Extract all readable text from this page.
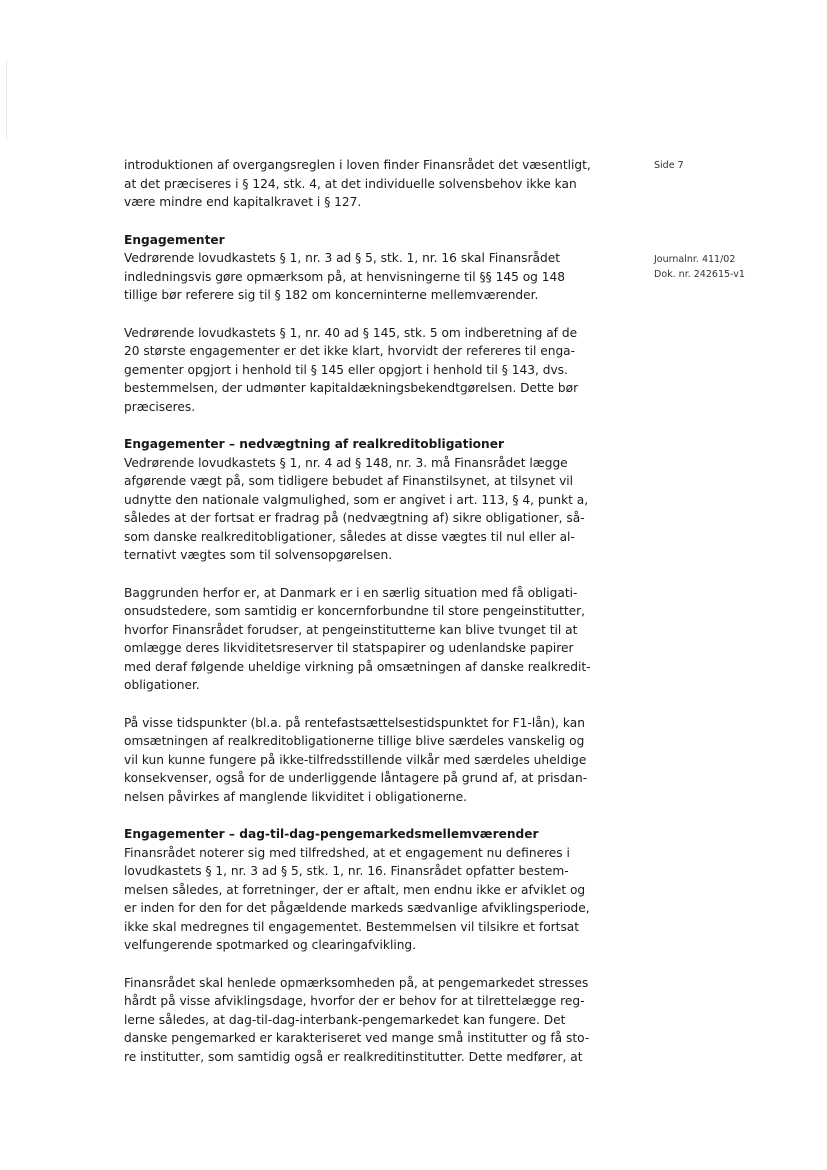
Side 7
Journalnr. 411/02
Dok. nr. 242615-v1
introduktionen af overgangsreglen i loven finder Finansrådet det væsentligt,
at det præciseres i § 124, stk. 4, at det individuelle solvensbehov ikke kan
være mindre end kapitalkravet i § 127.
Engagementer
Vedrørende lovudkastets § 1, nr. 3 ad § 5, stk. 1, nr. 16 skal Finansrådet
indledningsvis gøre opmærksom på, at henvisningerne til §§ 145 og 148
tillige bør referere sig til § 182 om koncerninterne mellemværender.
Vedrørende lovudkastets § 1, nr. 40 ad § 145, stk. 5 om indberetning af de
20 største engagementer er det ikke klart, hvorvidt der refereres til enga-
gementer opgjort i henhold til § 145 eller opgjort i henhold til § 143, dvs.
bestemmelsen, der udmønter kapitaldækningsbekendtgørelsen. Dette bør
præciseres.
Engagementer – nedvægtning af realkreditobligationer
Vedrørende lovudkastets § 1, nr. 4 ad § 148, nr. 3. må Finansrådet lægge
afgørende vægt på, som tidligere bebudet af Finanstilsynet, at tilsynet vil
udnytte den nationale valgmulighed, som er angivet i art. 113, § 4, punkt a,
således at der fortsat er fradrag på (nedvægtning af) sikre obligationer, så-
som danske realkreditobligationer, således at disse vægtes til nul eller al-
ternativt vægtes som til solvensopgørelsen.
Baggrunden herfor er, at Danmark er i en særlig situation med få obligati-
onsudstedere, som samtidig er koncernforbundne til store pengeinstitutter,
hvorfor Finansrådet forudser, at pengeinstitutterne kan blive tvunget til at
omlægge deres likviditetsreserver til statspapirer og udenlandske papirer
med deraf følgende uheldige virkning på omsætningen af danske realkredit-
obligationer.
På visse tidspunkter (bl.a. på rentefastsættelsestidspunktet for F1-lån), kan
omsætningen af realkreditobligationerne tillige blive særdeles vanskelig og
vil kun kunne fungere på ikke-tilfredsstillende vilkår med særdeles uheldige
konsekvenser, også for de underliggende låntagere på grund af, at prisdan-
nelsen påvirkes af manglende likviditet i obligationerne.
Engagementer – dag-til-dag-pengemarkedsmellemværender
Finansrådet noterer sig med tilfredshed, at et engagement nu defineres i
lovudkastets § 1, nr. 3 ad § 5, stk. 1, nr. 16. Finansrådet opfatter bestem-
melsen således, at forretninger, der er aftalt, men endnu ikke er afviklet og
er inden for den for det pågældende markeds sædvanlige afviklingsperiode,
ikke skal medregnes til engagementet. Bestemmelsen vil tilsikre et fortsat
velfungerende spotmarked og clearingafvikling.
Finansrådet skal henlede opmærksomheden på, at pengemarkedet stresses
hårdt på visse afviklingsdage, hvorfor der er behov for at tilrettelægge reg-
lerne således, at dag-til-dag-interbank-pengemarkedet kan fungere. Det
danske pengemarked er karakteriseret ved mange små institutter og få sto-
re institutter, som samtidig også er realkreditinstitutter. Dette medfører, at
